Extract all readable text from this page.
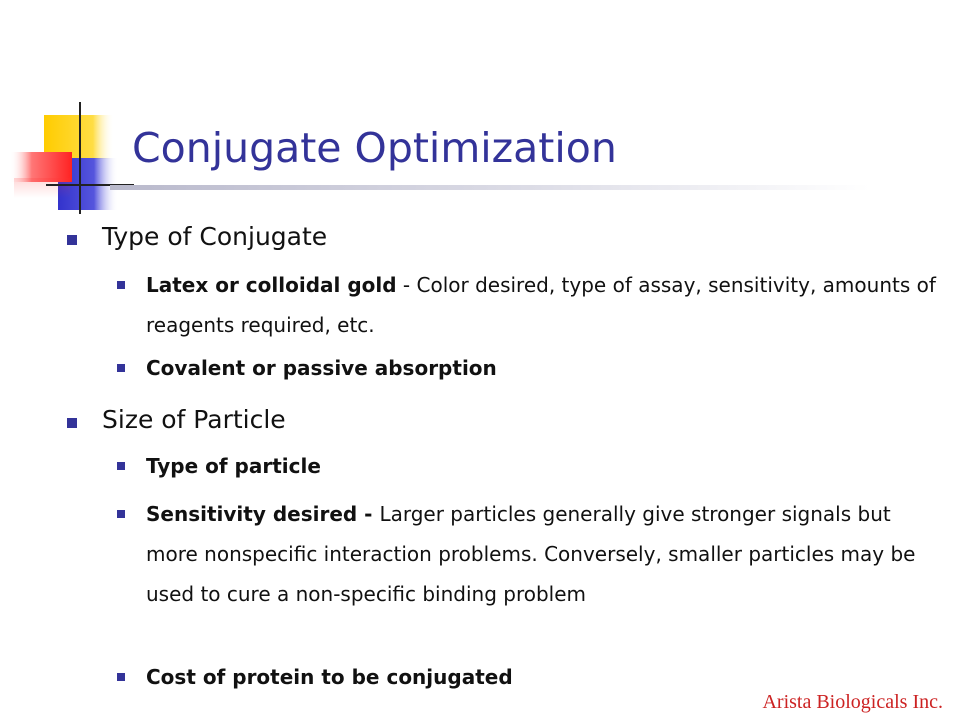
Conjugate Optimization
Type of Conjugate
Latex or colloidal gold - Color desired, type of assay, sensitivity, amounts of reagents required, etc.
Covalent or passive absorption
Size of Particle
Type of particle
Sensitivity desired - Larger particles generally give stronger signals but more nonspecific interaction problems. Conversely, smaller particles may be used to cure a non-specific binding problem
Cost of protein to be conjugated
Arista Biologicals Inc.
